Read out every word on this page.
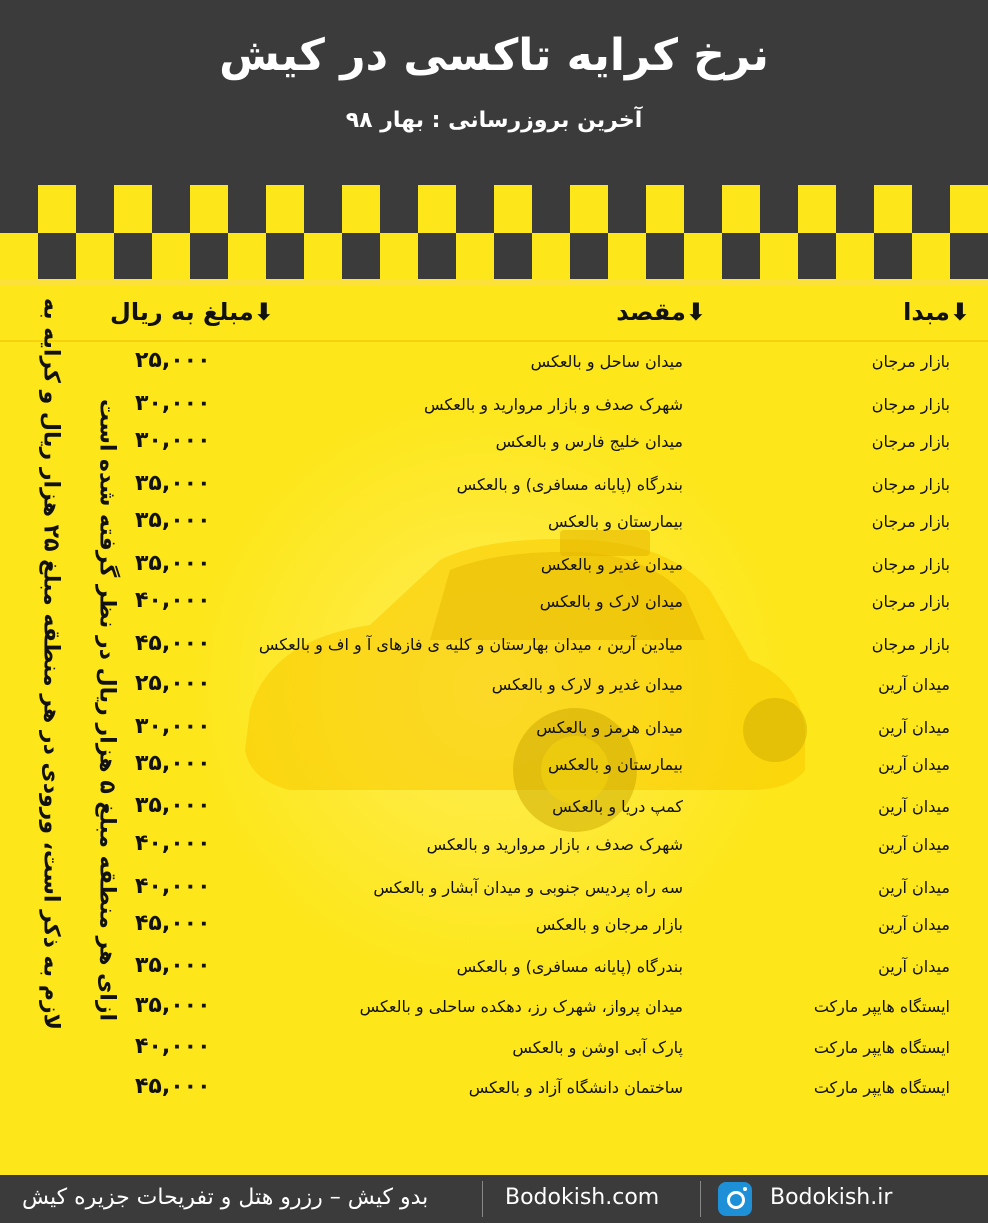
نرخ کرایه تاکسی در کیش
آخرین بروزرسانی : بهار ۹۸
⬇مبدا
⬇مقصد
⬇مبلغ به ریال
بازار مرجان
میدان ساحل و بالعکس
۲۵,۰۰۰
بازار مرجان
شهرک صدف و بازار مروارید و بالعکس
۳۰,۰۰۰
بازار مرجان
میدان خلیج فارس و بالعکس
۳۰,۰۰۰
بازار مرجان
بندرگاه (پایانه مسافری) و بالعکس
۳۵,۰۰۰
بازار مرجان
بیمارستان و بالعکس
۳۵,۰۰۰
بازار مرجان
میدان غدیر و بالعکس
۳۵,۰۰۰
بازار مرجان
میدان لارک و بالعکس
۴۰,۰۰۰
بازار مرجان
میادین آرین ، میدان بهارستان و کلیه ی فازهای آ و اف و بالعکس
۴۵,۰۰۰
میدان آرین
میدان غدیر و لارک و بالعکس
۲۵,۰۰۰
میدان آرین
میدان هرمز و بالعکس
۳۰,۰۰۰
میدان آرین
بیمارستان و بالعکس
۳۵,۰۰۰
میدان آرین
کمپ دریا و بالعکس
۳۵,۰۰۰
میدان آرین
شهرک صدف ، بازار مروارید و بالعکس
۴۰,۰۰۰
میدان آرین
سه راه پردیس جنوبی و میدان آبشار و بالعکس
۴۰,۰۰۰
میدان آرین
بازار مرجان و بالعکس
۴۵,۰۰۰
میدان آرین
بندرگاه (پایانه مسافری) و بالعکس
۳۵,۰۰۰
ایستگاه هایپر مارکت
میدان پرواز، شهرک رز، دهکده ساحلی و بالعکس
۳۵,۰۰۰
ایستگاه هایپر مارکت
پارک آبی اوشن و بالعکس
۴۰,۰۰۰
ایستگاه هایپر مارکت
ساختمان دانشگاه آزاد و بالعکس
۴۵,۰۰۰
لازم به ذکر است، ورودی در هر منطقه مبلغ ۲۵ هزار ریال و کرایه به ازای هر منطقه مبلغ ۵ هزار ریال در نظر گرفته شده است
بدو کیش – رزرو هتل و تفریحات جزیره کیش	Bodokish.com	Bodokish.ir
